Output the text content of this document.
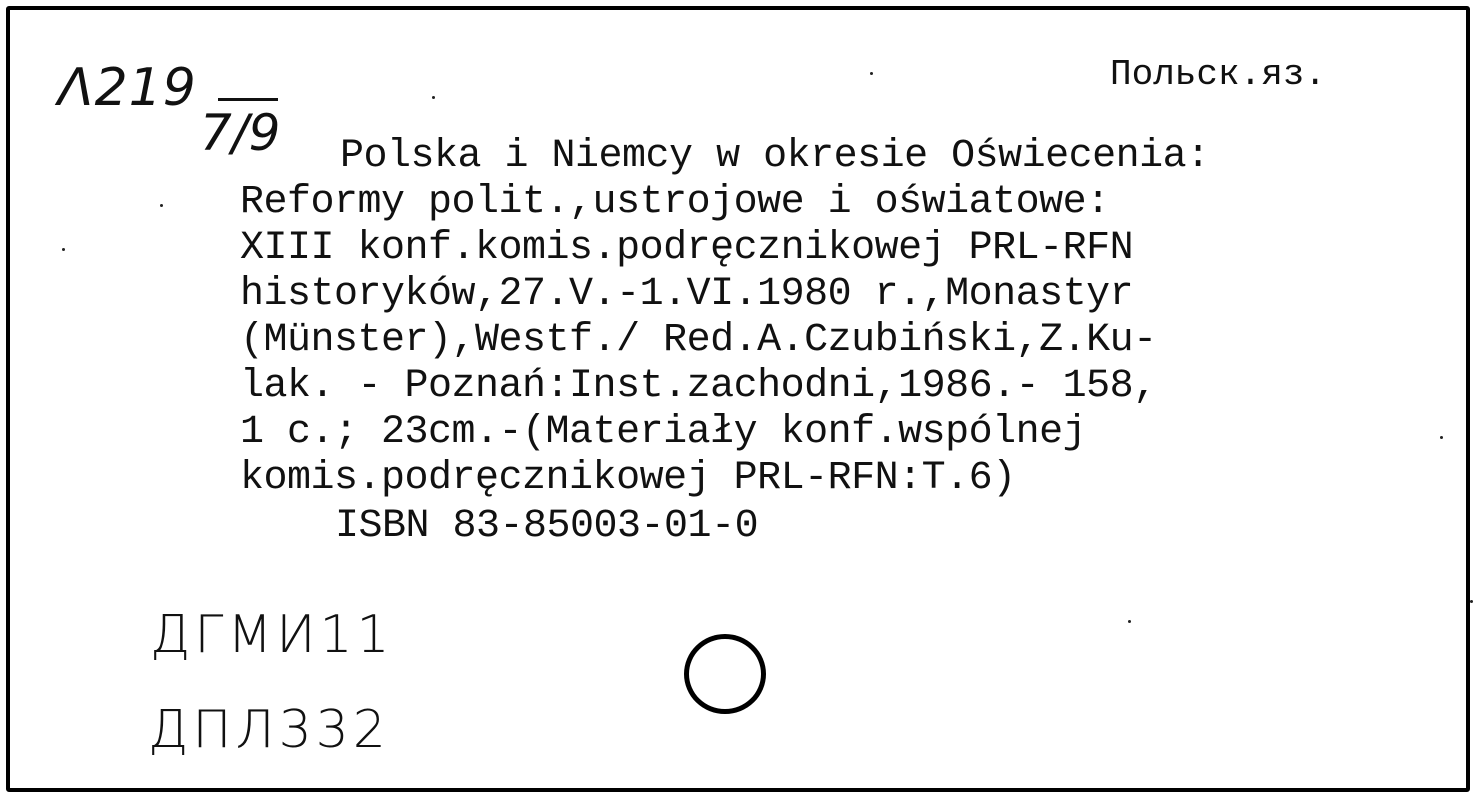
Λ219
7/9
Польск.яз.
Polska i Niemcy w okresie Oświecenia:
Reformy polit.,ustrojowe i oświatowe:
XIII konf.komis.podręcznikowej PRL-RFN
historyków,27.V.-1.VI.1980 r.,Monastyr
(Münster),Westf./ Red.A.Czubiński,Z.Ku-
lak. - Poznań:Inst.zachodni,1986.- 158,
1 c.; 23cm.-(Materiały konf.wspólnej
komis.podręcznikowej PRL-RFN:T.6)
ISBN 83-85003-01-0
ДГМИ11
ДПЛ332
